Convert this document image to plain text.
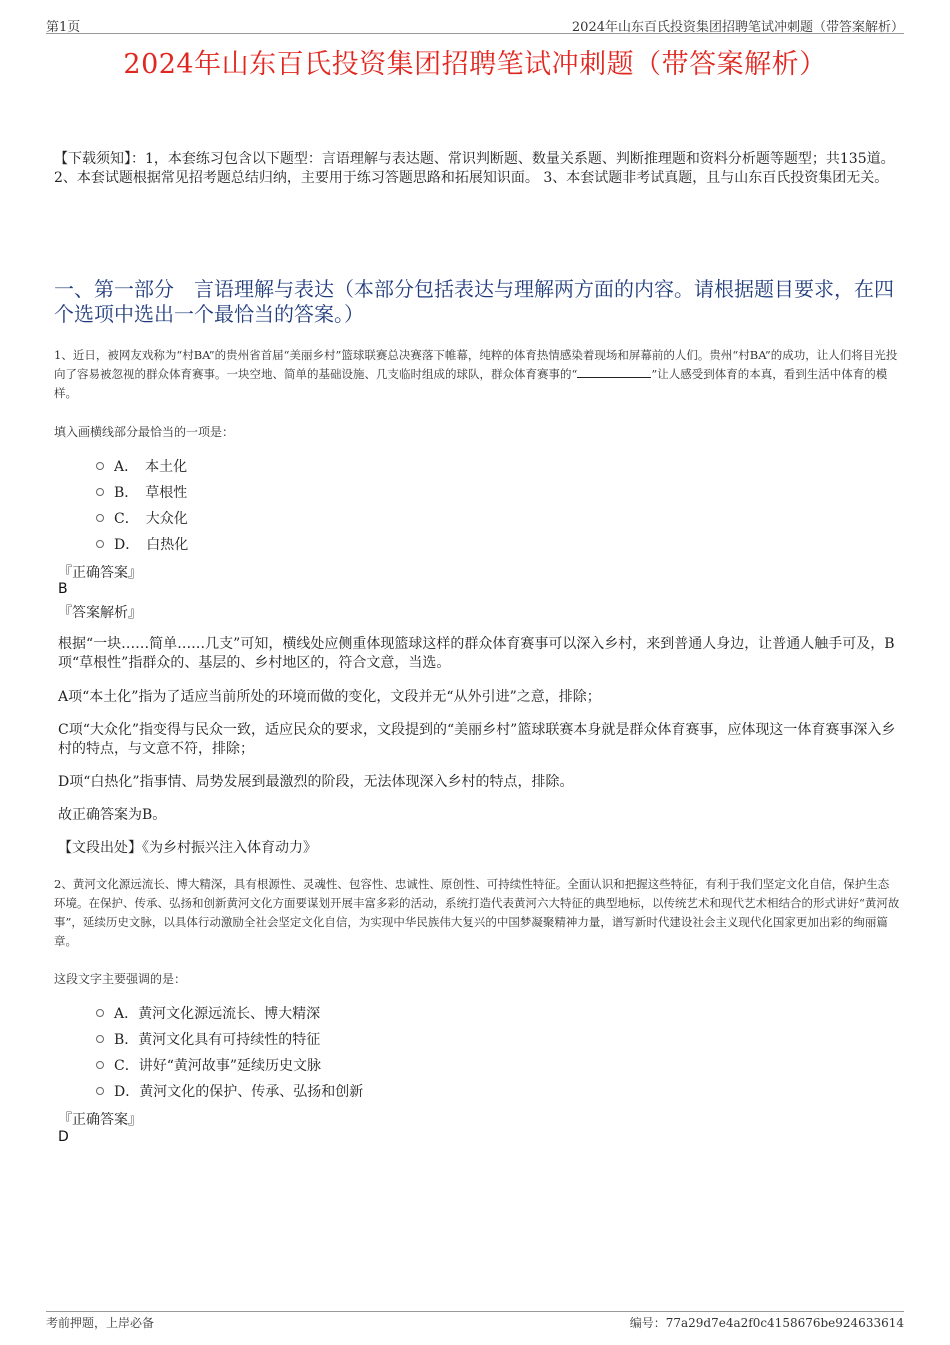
第1页	2024年山东百氏投资集团招聘笔试冲刺题（带答案解析）
2024年山东百氏投资集团招聘笔试冲刺题（带答案解析）
【下载须知】：1，本套练习包含以下题型：言语理解与表达题、常识判断题、数量关系题、判断推理题和资料分析题等题型；共135道。 2、本套试题根据常见招考题总结归纳，主要用于练习答题思路和拓展知识面。 3、本套试题非考试真题，且与山东百氏投资集团无关。
一、第一部分　言语理解与表达（本部分包括表达与理解两方面的内容。请根据题目要求，在四个选项中选出一个最恰当的答案。）
1、近日，被网友戏称为“村BA”的贵州省首届“美丽乡村”篮球联赛总决赛落下帷幕，纯粹的体育热情感染着现场和屏幕前的人们。贵州“村BA”的成功，让人们将目光投向了容易被忽视的群众体育赛事。一块空地、简单的基础设施、几支临时组成的球队，群众体育赛事的“	”让人感受到体育的本真，看到生活中体育的模样。
填入画横线部分最恰当的一项是：
A．　本土化
B．　草根性
C．　大众化
D．　白热化
『正确答案』
B
『答案解析』
根据“一块……简单……几支”可知，横线处应侧重体现篮球这样的群众体育赛事可以深入乡村，来到普通人身边，让普通人触手可及，B项“草根性”指群众的、基层的、乡村地区的，符合文意，当选。
A项“本土化”指为了适应当前所处的环境而做的变化，文段并无“从外引进”之意，排除；
C项“大众化”指变得与民众一致，适应民众的要求，文段提到的“美丽乡村”篮球联赛本身就是群众体育赛事，应体现这一体育赛事深入乡村的特点，与文意不符，排除；
D项“白热化”指事情、局势发展到最激烈的阶段，无法体现深入乡村的特点，排除。
故正确答案为B。
【文段出处】《为乡村振兴注入体育动力》
2、黄河文化源远流长、博大精深，具有根源性、灵魂性、包容性、忠诚性、原创性、可持续性特征。全面认识和把握这些特征，有利于我们坚定文化自信，保护生态环境。在保护、传承、弘扬和创新黄河文化方面要谋划开展丰富多彩的活动，系统打造代表黄河六大特征的典型地标，以传统艺术和现代艺术相结合的形式讲好“黄河故事”，延续历史文脉，以具体行动激励全社会坚定文化自信，为实现中华民族伟大复兴的中国梦凝聚精神力量，谱写新时代建设社会主义现代化国家更加出彩的绚丽篇章。
这段文字主要强调的是：
A．黄河文化源远流长、博大精深
B．黄河文化具有可持续性的特征
C．讲好“黄河故事”延续历史文脉
D．黄河文化的保护、传承、弘扬和创新
『正确答案』
D
考前押题，上岸必备	编号：77a29d7e4a2f0c4158676be924633614
